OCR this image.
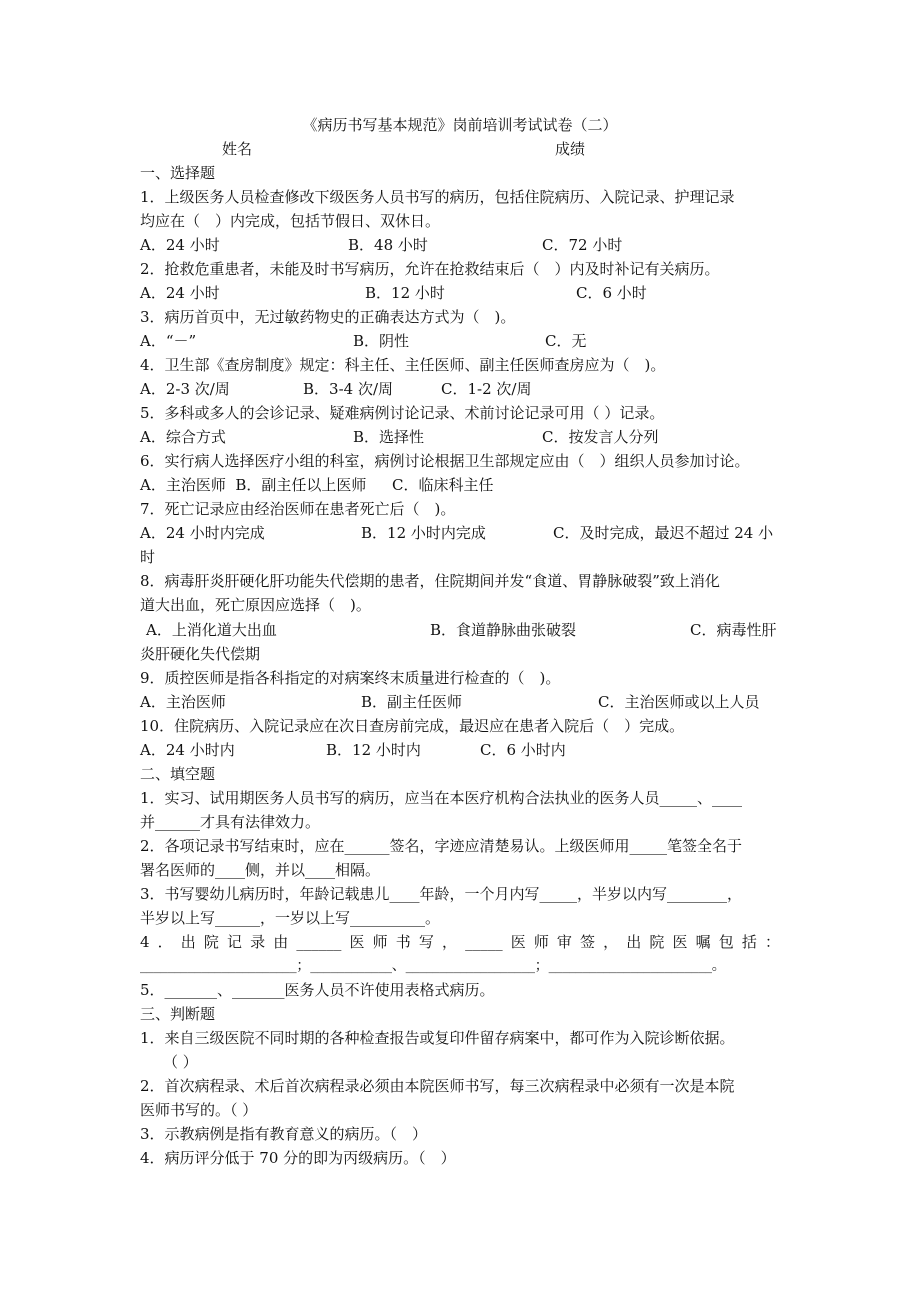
《病历书写基本规范》岗前培训考试试卷（二）
姓名	成绩
一、选择题
1．上级医务人员检查修改下级医务人员书写的病历，包括住院病历、入院记录、护理记录
均应在（　）内完成，包括节假日、双休日。
A．24 小时	B．48 小时	C．72 小时
2．抢救危重患者，未能及时书写病历，允许在抢救结束后（　）内及时补记有关病历。
A．24 小时	B．12 小时	C．6 小时
3．病历首页中，无过敏药物史的正确表达方式为（　)。
A．“－”	B．阴性	C．无
4．卫生部《查房制度》规定：科主任、主任医师、副主任医师查房应为（　)。
A．2-3 次/周	B．3-4 次/周	C．1-2 次/周
5．多科或多人的会诊记录、疑难病例讨论记录、术前讨论记录可用（ ）记录。
A．综合方式	B．选择性	C．按发言人分列
6．实行病人选择医疗小组的科室，病例讨论根据卫生部规定应由（　）组织人员参加讨论。
A．主治医师  B．副主任以上医师 C．临床科主任
7．死亡记录应由经治医师在患者死亡后（　)。
A．24 小时内完成	B．12 小时内完成	C．及时完成，最迟不超过 24 小
时
8．病毒肝炎肝硬化肝功能失代偿期的患者，住院期间并发“食道、胃静脉破裂”致上消化
道大出血，死亡原因应选择（　)。
A．上消化道大出血	B．食道静脉曲张破裂	C．病毒性肝
炎肝硬化失代偿期
9．质控医师是指各科指定的对病案终末质量进行检查的（　)。
A．主治医师	B．副主任医师	C．主治医师或以上人员
10．住院病历、入院记录应在次日查房前完成，最迟应在患者入院后（　）完成。
A．24 小时内	B．12 小时内	C．6 小时内
二、填空题
1．实习、试用期医务人员书写的病历，应当在本医疗机构合法执业的医务人员_____、____
并______才具有法律效力。
2．各项记录书写结束时，应在______签名，字迹应清楚易认。上级医师用_____笔签全名于
署名医师的____侧，并以____相隔。
3．书写婴幼儿病历时，年龄记载患儿____年龄，一个月内写_____，半岁以内写________，
半岁以上写______，一岁以上写__________。
4．出院记录由______医师书写，_____医师审签，出院医嘱包括：
_______________________；____________、___________________；________________________。
5．_______、_______医务人员不许使用表格式病历。
三、判断题
1．来自三级医院不同时期的各种检查报告或复印件留存病案中，都可作为入院诊断依据。
（ ）
2．首次病程录、术后首次病程录必须由本院医师书写，每三次病程录中必须有一次是本院
医师书写的。（ ）
3．示教病例是指有教育意义的病历。（　）
4．病历评分低于 70 分的即为丙级病历。（　）
